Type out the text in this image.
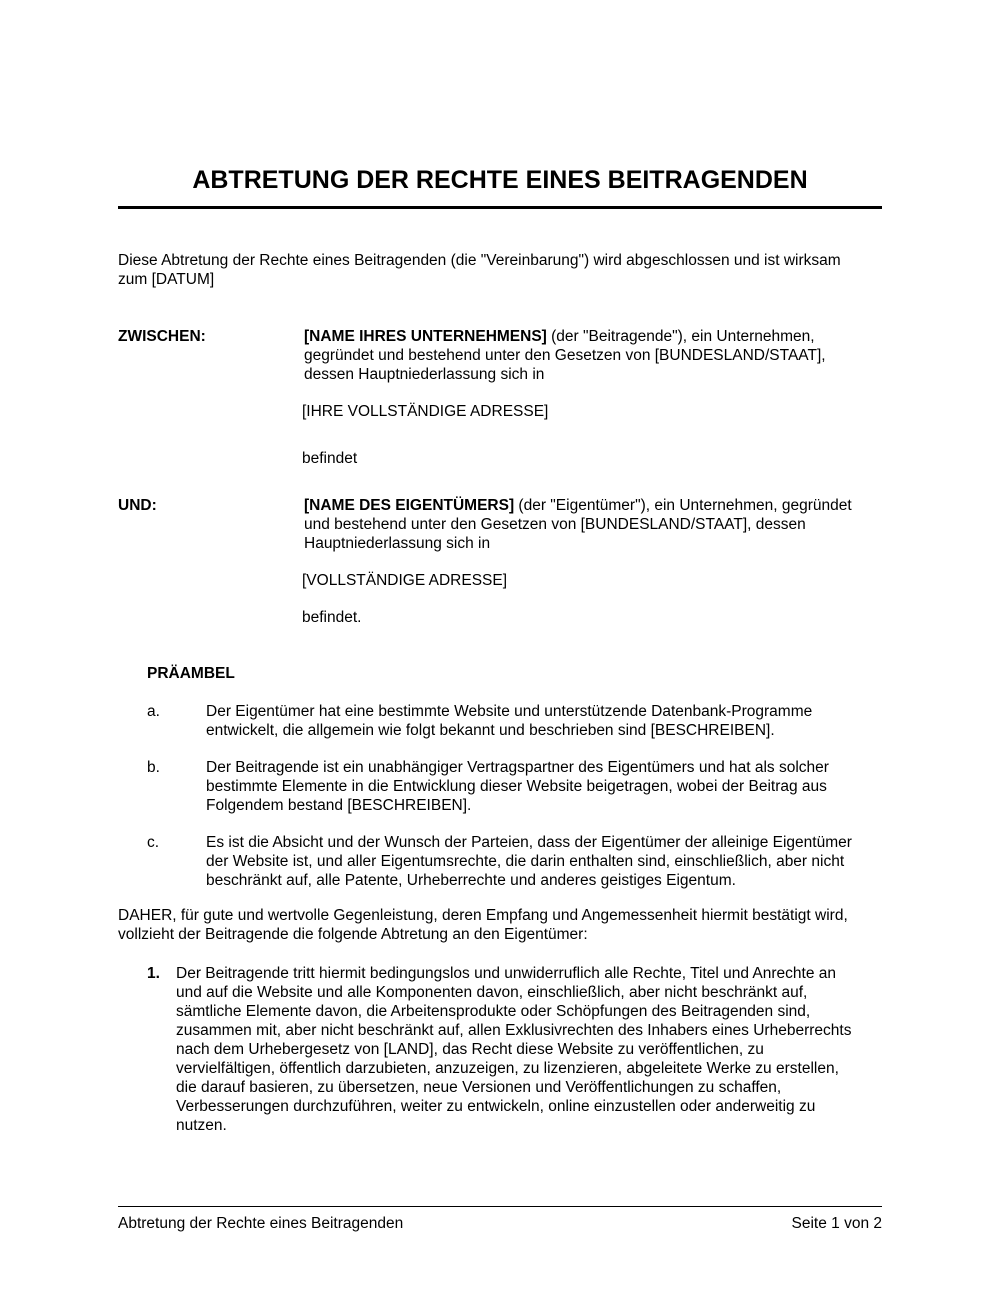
ABTRETUNG DER RECHTE EINES BEITRAGENDEN
Diese Abtretung der Rechte eines Beitragenden (die "Vereinbarung") wird abgeschlossen und ist wirksam
zum [DATUM]
ZWISCHEN:	[NAME IHRES UNTERNEHMENS] (der "Beitragende"), ein Unternehmen,
gegründet und bestehend unter den Gesetzen von [BUNDESLAND/STAAT],
dessen Hauptniederlassung sich in
[IHRE VOLLSTÄNDIGE ADRESSE]
befindet
UND:	[NAME DES EIGENTÜMERS] (der "Eigentümer"), ein Unternehmen, gegründet
und bestehend unter den Gesetzen von [BUNDESLAND/STAAT], dessen
Hauptniederlassung sich in
[VOLLSTÄNDIGE ADRESSE]
befindet.
PRÄAMBEL
a.	Der Eigentümer hat eine bestimmte Website und unterstützende Datenbank-Programme
entwickelt, die allgemein wie folgt bekannt und beschrieben sind [BESCHREIBEN].
b.	Der Beitragende ist ein unabhängiger Vertragspartner des Eigentümers und hat als solcher
bestimmte Elemente in die Entwicklung dieser Website beigetragen, wobei der Beitrag aus
Folgendem bestand [BESCHREIBEN].
c.	Es ist die Absicht und der Wunsch der Parteien, dass der Eigentümer der alleinige Eigentümer
der Website ist, und aller Eigentumsrechte, die darin enthalten sind, einschließlich, aber nicht
beschränkt auf, alle Patente, Urheberrechte und anderes geistiges Eigentum.
DAHER, für gute und wertvolle Gegenleistung, deren Empfang und Angemessenheit hiermit bestätigt wird,
vollzieht der Beitragende die folgende Abtretung an den Eigentümer:
1. Der Beitragende tritt hiermit bedingungslos und unwiderruflich alle Rechte, Titel und Anrechte an
und auf die Website und alle Komponenten davon, einschließlich, aber nicht beschränkt auf,
sämtliche Elemente davon, die Arbeitensprodukte oder Schöpfungen des Beitragenden sind,
zusammen mit, aber nicht beschränkt auf, allen Exklusivrechten des Inhabers eines Urheberrechts
nach dem Urhebergesetz von [LAND], das Recht diese Website zu veröffentlichen, zu
vervielfältigen, öffentlich darzubieten, anzuzeigen, zu lizenzieren, abgeleitete Werke zu erstellen,
die darauf basieren, zu übersetzen, neue Versionen und Veröffentlichungen zu schaffen,
Verbesserungen durchzuführen, weiter zu entwickeln, online einzustellen oder anderweitig zu
nutzen.
Abtretung der Rechte eines Beitragenden	Seite 1 von 2
